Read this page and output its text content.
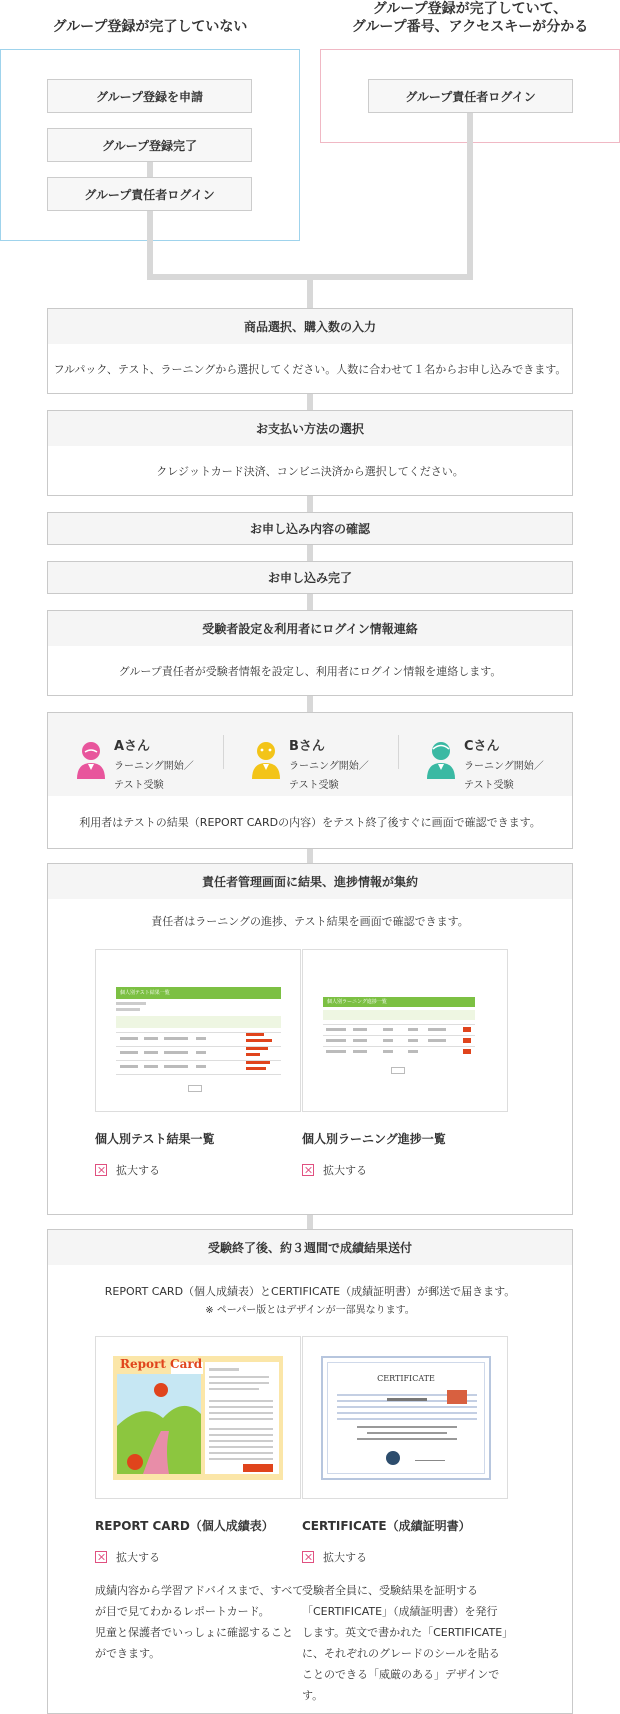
グループ登録が完了していない
グループ登録が完了していて、
グループ番号、アクセスキーが分かる
グループ登録を申請
グループ登録完了
グループ責任者ログイン
グループ責任者ログイン
商品選択、購入数の入力
フルパック、テスト、ラーニングから選択してください。人数に合わせて１名からお申し込みできます。
お支払い方法の選択
クレジットカード決済、コンビニ決済から選択してください。
お申し込み内容の確認
お申し込み完了
受験者設定＆利用者にログイン情報連絡
グループ責任者が受験者情報を設定し、利用者にログイン情報を連絡します。
Aさん
ラーニング開始／
テスト受験
Bさん
ラーニング開始／
テスト受験
Cさん
ラーニング開始／
テスト受験
利用者はテストの結果（REPORT CARDの内容）をテスト終了後すぐに画面で確認できます。
責任者管理画面に結果、進捗情報が集約
責任者はラーニングの進捗、テスト結果を画面で確認できます。
個人別テスト結果一覧
個人別ラーニング進捗一覧
個人別テスト結果一覧	個人別ラーニング進捗一覧
拡大する	拡大する
受験終了後、約３週間で成績結果送付
REPORT CARD（個人成績表）とCERTIFICATE（成績証明書）が郵送で届きます。
※ ペーパー版とはデザインが一部異なります。
Report Card
CERTIFICATE
REPORT CARD（個人成績表） CERTIFICATE（成績証明書）
拡大する	拡大する
成績内容から学習アドバイスまで、すべて
が目で見てわかるレポートカード。
児童と保護者でいっしょに確認すること
ができます。
受験者全員に、受験結果を証明する
「CERTIFICATE」（成績証明書）を発行
します。英文で書かれた「CERTIFICATE」
に、それぞれのグレードのシールを貼る
ことのできる「威厳のある」デザインです。
